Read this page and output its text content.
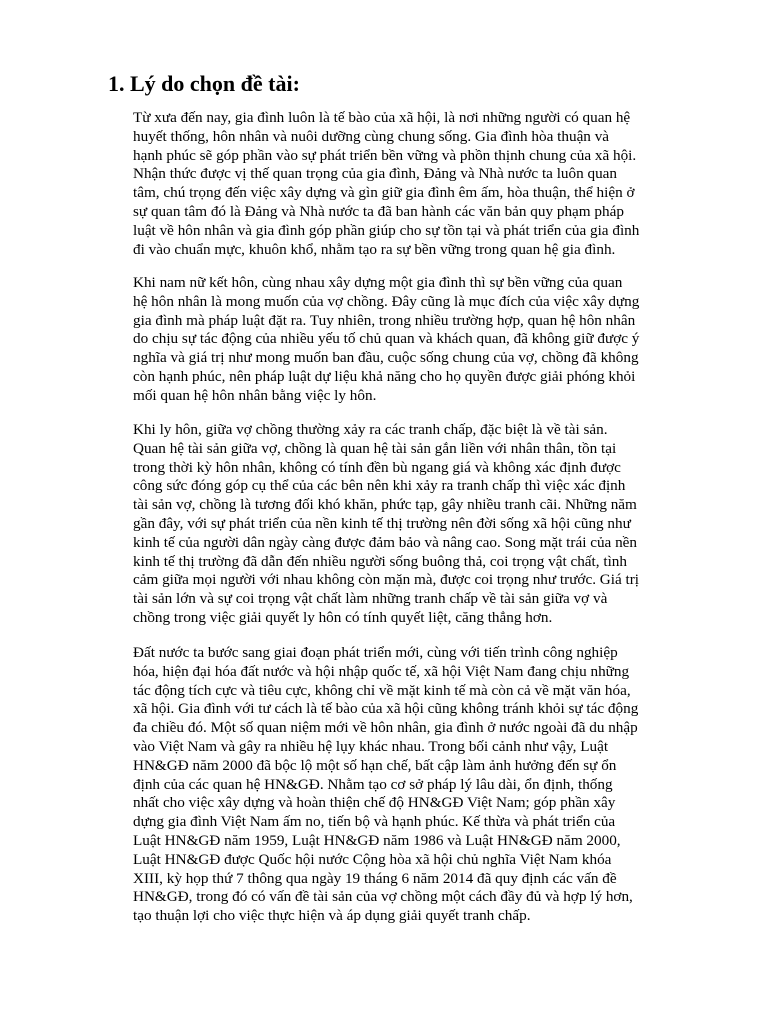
1. Lý do chọn đề tài:

Từ xưa đến nay, gia đình luôn là tế bào của xã hội, là nơi những người có quan hệ
huyết thống, hôn nhân và nuôi dưỡng cùng chung sống. Gia đình hòa thuận và
hạnh phúc sẽ góp phần vào sự phát triển bền vững và phồn thịnh chung của xã hội.
Nhận thức được vị thế quan trọng của gia đình, Đảng và Nhà nước ta luôn quan
tâm, chú trọng đến việc xây dựng và gìn giữ gia đình êm ấm, hòa thuận, thể hiện ở
sự quan tâm đó là Đảng và Nhà nước ta đã ban hành các văn bản quy phạm pháp
luật về hôn nhân và gia đình góp phần giúp cho sự tồn tại và phát triển của gia đình
đi vào chuẩn mực, khuôn khổ, nhằm tạo ra sự bền vững trong quan hệ gia đình.

Khi nam nữ kết hôn, cùng nhau xây dựng một gia đình thì sự bền vững của quan
hệ hôn nhân là mong muốn của vợ chồng. Đây cũng là mục đích của việc xây dựng
gia đình mà pháp luật đặt ra. Tuy nhiên, trong nhiều trường hợp, quan hệ hôn nhân
do chịu sự tác động của nhiều yếu tố chủ quan và khách quan, đã không giữ được ý
nghĩa và giá trị như mong muốn ban đầu, cuộc sống chung của vợ, chồng đã không
còn hạnh phúc, nên pháp luật dự liệu khả năng cho họ quyền được giải phóng khỏi
mối quan hệ hôn nhân bằng việc ly hôn.

Khi ly hôn, giữa vợ chồng thường xảy ra các tranh chấp, đặc biệt là về tài sản.
Quan hệ tài sản giữa vợ, chồng là quan hệ tài sản gắn liền với nhân thân, tồn tại
trong thời kỳ hôn nhân, không có tính đền bù ngang giá và không xác định được
công sức đóng góp cụ thể của các bên nên khi xảy ra tranh chấp thì việc xác định
tài sản vợ, chồng là tương đối khó khăn, phức tạp, gây nhiều tranh cãi. Những năm
gần đây, với sự phát triển của nền kinh tế thị trường nên đời sống xã hội cũng như
kinh tế của người dân ngày càng được đảm bảo và nâng cao. Song mặt trái của nền
kinh tế thị trường đã dẫn đến nhiều người sống buông thả, coi trọng vật chất, tình
cảm giữa mọi người với nhau không còn mặn mà, được coi trọng như trước. Giá trị
tài sản lớn và sự coi trọng vật chất làm những tranh chấp về tài sản giữa vợ và
chồng trong việc giải quyết ly hôn có tính quyết liệt, căng thẳng hơn.

Đất nước ta bước sang giai đoạn phát triển mới, cùng với tiến trình công nghiệp
hóa, hiện đại hóa đất nước và hội nhập quốc tế, xã hội Việt Nam đang chịu những
tác động tích cực và tiêu cực, không chỉ về mặt kinh tế mà còn cả về mặt văn hóa,
xã hội. Gia đình với tư cách là tế bào của xã hội cũng không tránh khỏi sự tác động
đa chiều đó. Một số quan niệm mới về hôn nhân, gia đình ở nước ngoài đã du nhập
vào Việt Nam và gây ra nhiều hệ lụy khác nhau. Trong bối cảnh như vậy, Luật
HN&GĐ năm 2000 đã bộc lộ một số hạn chế, bất cập làm ảnh hưởng đến sự ổn
định của các quan hệ HN&GĐ. Nhằm tạo cơ sở pháp lý lâu dài, ổn định, thống
nhất cho việc xây dựng và hoàn thiện chế độ HN&GĐ Việt Nam; góp phần xây
dựng gia đình Việt Nam ấm no, tiến bộ và hạnh phúc. Kế thừa và phát triển của
Luật HN&GĐ năm 1959, Luật HN&GĐ năm 1986 và Luật HN&GĐ năm 2000,
Luật HN&GĐ được Quốc hội nước Cộng hòa xã hội chủ nghĩa Việt Nam khóa
XIII, kỳ họp thứ 7 thông qua ngày 19 tháng 6 năm 2014 đã quy định các vấn đề
HN&GĐ, trong đó có vấn đề tài sản của vợ chồng một cách đầy đủ và hợp lý hơn,
tạo thuận lợi cho việc thực hiện và áp dụng giải quyết tranh chấp.
